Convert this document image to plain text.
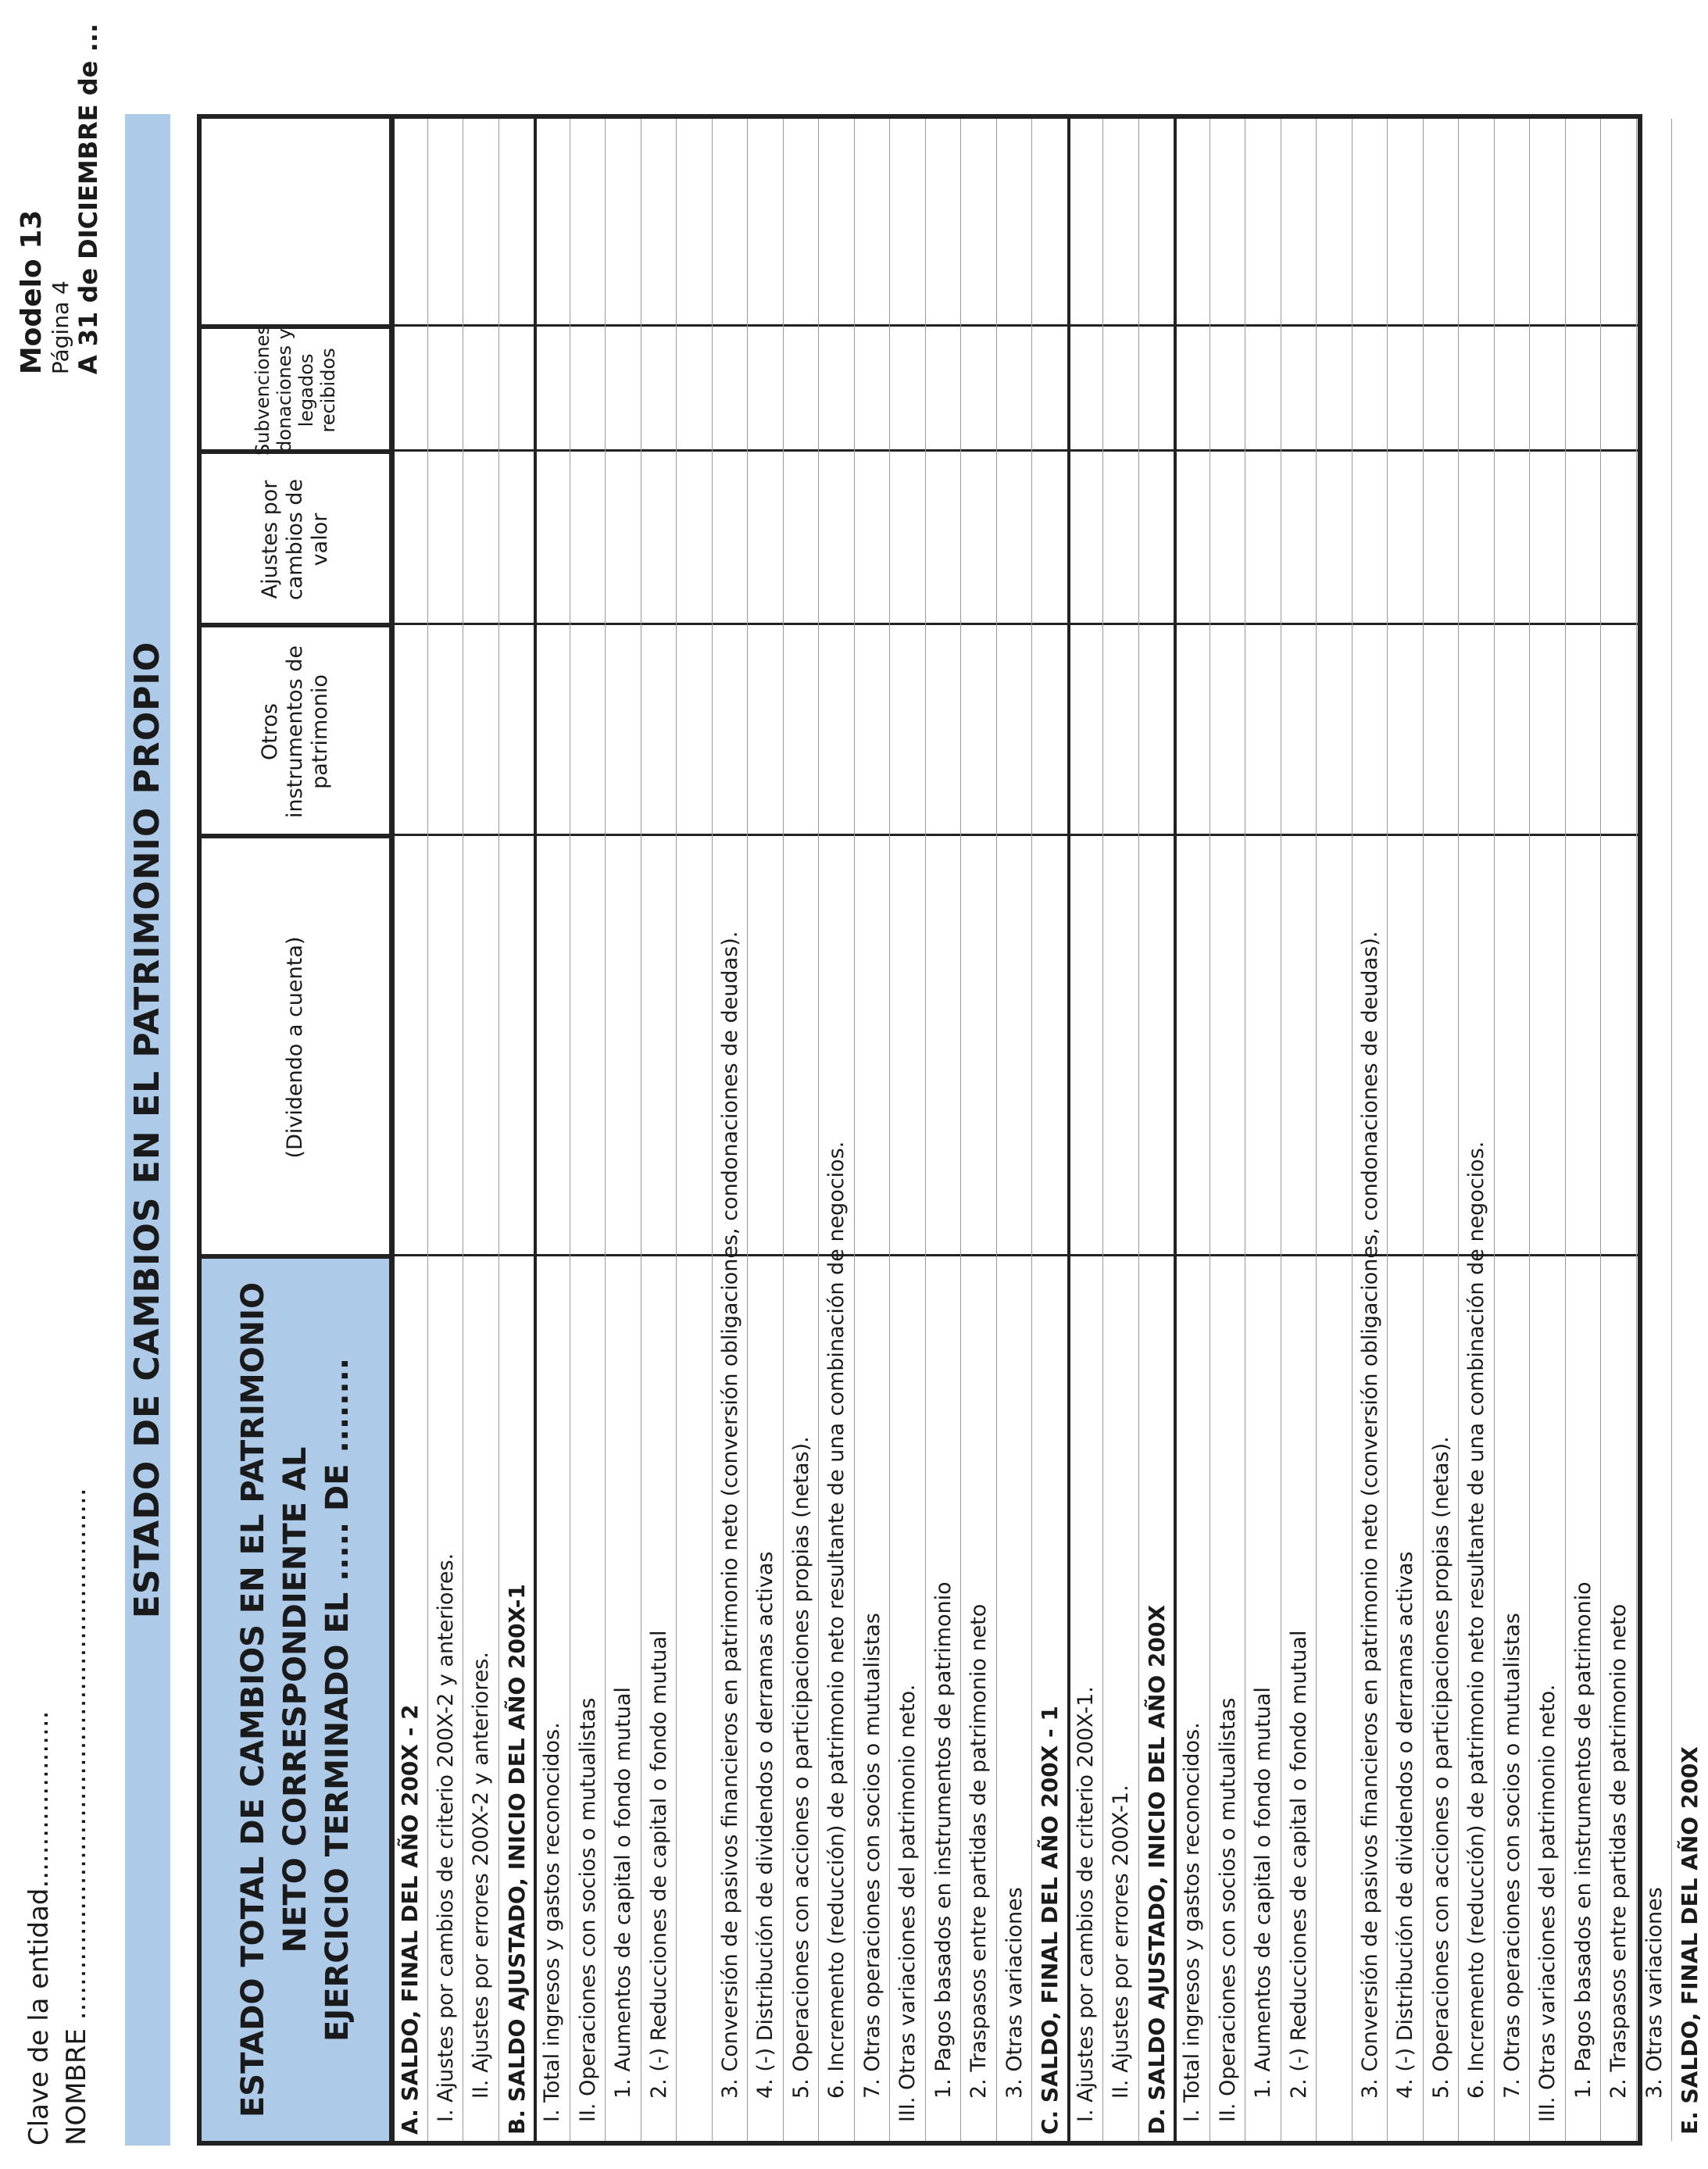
Clave de la entidad..................... NOMBRE ...............................................................
Modelo 13 Página 4 A 31 de DICIEMBRE de ...
ESTADO DE CAMBIOS EN EL PATRIMONIO PROPIO
ESTADO TOTAL DE CAMBIOS EN EL PATRIMONIO NETO CORRESPONDIENTE AL EJERCICIO TERMINADO EL ..... DE ........
(Dividendo a cuenta)
Otros instrumentos de patrimonio
Ajustes por cambios de valor
Subvenciones donaciones y legados recibidos
A. SALDO, FINAL DEL AÑO 200X - 2 I. Ajustes por cambios de criterio 200X-2 y anteriores. II. Ajustes por errores 200X-2 y anteriores. B. SALDO AJUSTADO, INICIO DEL AÑO 200X-1 I. Total ingresos y gastos reconocidos. II. Operaciones con socios o mutualistas 1. Aumentos de capital o fondo mutual 2. (-) Reducciones de capital o fondo mutual 3. Conversión de pasivos financieros en patrimonio neto (conversión obligaciones, condonaciones de deudas). 4. (-) Distribución de dividendos o derramas activas 5. Operaciones con acciones o participaciones propias (netas). 6. Incremento (reducción) de patrimonio neto resultante de una combinación de negocios. 7. Otras operaciones con socios o mutualistas III. Otras variaciones del patrimonio neto. 1. Pagos basados en instrumentos de patrimonio 2. Traspasos entre partidas de patrimonio neto 3. Otras variaciones C. SALDO, FINAL DEL AÑO 200X - 1 I. Ajustes por cambios de criterio 200X-1. II. Ajustes por errores 200X-1. D. SALDO AJUSTADO, INICIO DEL AÑO 200X I. Total ingresos y gastos reconocidos. II. Operaciones con socios o mutualistas 1. Aumentos de capital o fondo mutual 2. (-) Reducciones de capital o fondo mutual 3. Conversión de pasivos financieros en patrimonio neto (conversión obligaciones, condonaciones de deudas). 4. (-) Distribución de dividendos o derramas activas 5. Operaciones con acciones o participaciones propias (netas). 6. Incremento (reducción) de patrimonio neto resultante de una combinación de negocios. 7. Otras operaciones con socios o mutualistas III. Otras variaciones del patrimonio neto. 1. Pagos basados en instrumentos de patrimonio 2. Traspasos entre partidas de patrimonio neto 3. Otras variaciones E. SALDO, FINAL DEL AÑO 200X
